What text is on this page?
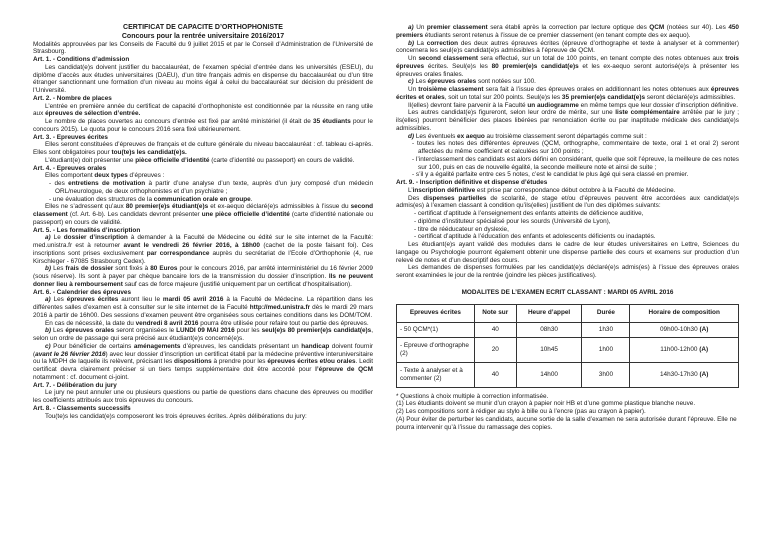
CERTIFICAT DE CAPACITE D’ORTHOPHONISTE

Concours pour la rentrée universitaire 2016/2017

Modalités approuvées par les Conseils de Faculté du 9 juillet 2015 et par le Conseil d’Administration de l’Université de Strasbourg.

Art. 1. - Conditions d’admission

Les candidat(e)s doivent justifier du baccalauréat, de l’examen spécial d’entrée dans les universités (ESEU), du diplôme d’accès aux études universitaires (DAEU), d’un titre français admis en dispense du baccalauréat ou d’un titre étranger sanctionnant une formation d’un niveau au moins égal à celui du baccalauréat sur décision du président de l’Université.

Art. 2. - Nombre de places

L’entrée en première année du certificat de capacité d’orthophoniste est conditionnée par la réussite en rang utile aux épreuves de sélection d’entrée.

Le nombre de places ouvertes au concours d’entrée est fixé par arrêté ministériel (il était de 35 étudiants pour le concours 2015). Le quota pour le concours 2016 sera fixé ultérieurement.

Art. 3. - Epreuves écrites

Elles seront constituées d’épreuves de français et de culture générale du niveau baccalauréat : cf. tableau ci-après. Elles sont obligatoires pour tou(te)s les candidat(e)s.

L’étudiant(e) doit présenter une pièce officielle d’identité (carte d’identité ou passeport) en cours de validité.

Art. 4. - Epreuves orales

Elles comportent deux types d’épreuves :

- des entretiens de motivation à partir d’une analyse d’un texte, auprès d’un jury composé d’un médecin ORL/neurologue, de deux orthophonistes et d’un psychiatre ;

- une évaluation des structures de la communication orale en groupe.

Elles ne s’adressent qu’aux 80 premier(e)s étudiant(e)s et ex-aequo déclaré(e)s admissibles à l’issue du second classement (cf. Art. 6-b). Les candidats devront présenter une pièce officielle d’identité (carte d’identité nationale ou passeport) en cours de validité.

Art. 5. - Les formalités d’inscription

a) Le dossier d’inscription à demander à la Faculté de Médecine ou édité sur le site internet de la Faculté: med.unistra.fr est à retourner avant le vendredi 26 février 2016, à 18h00 (cachet de la poste faisant foi). Ces inscriptions sont prises exclusivement par correspondance auprès du secrétariat de l’Ecole d’Orthophonie (4, rue Kirschleger - 67085 Strasbourg Cedex).

b) Les frais de dossier sont fixés à 80 Euros pour le concours 2016, par arrêté interministériel du 16 février 2009 (sous réserve). Ils sont à payer par chèque bancaire lors de la transmission du dossier d’inscription. Ils ne peuvent donner lieu à remboursement sauf cas de force majeure (justifié uniquement par un certificat d’hospitalisation).

Art. 6. - Calendrier des épreuves

a) Les épreuves écrites auront lieu le mardi 05 avril 2016 à la Faculté de Médecine. La répartition dans les différentes salles d’examen est à consulter sur le site internet de la Faculté http://med.unistra.fr dès le mardi 29 mars 2016 à partir de 16h00. Des sessions d’examen peuvent être organisées sous certaines conditions dans les DOM/TOM.

En cas de nécessité, la date du vendredi 8 avril 2016 pourra être utilisée pour refaire tout ou partie des épreuves.

b) Les épreuves orales seront organisées le LUNDI 09 MAI 2016 pour les seul(e)s 80 premier(e)s candidat(e)s, selon un ordre de passage qui sera précisé aux étudiant(e)s concerné(e)s.

c) Pour bénéficier de certains aménagements d’épreuves, les candidats présentant un handicap doivent fournir (avant le 26 février 2016) avec leur dossier d’inscription un certificat établi par la médecine préventive interuniversitaire ou la MDPH de laquelle ils relèvent, précisant les dispositions à prendre pour les épreuves écrites et/ou orales. Ledit certificat devra clairement préciser si un tiers temps supplémentaire doit être accordé pour l’épreuve de QCM notamment : cf. document ci-joint.

Art. 7. - Délibération du jury

Le jury ne peut annuler une ou plusieurs questions ou partie de questions dans chacune des épreuves ou modifier les coefficients attribués aux trois épreuves du concours.

Art. 8. - Classements successifs

Tou(te)s les candidat(e)s composeront les trois épreuves écrites. Après délibérations du jury:

a) Un premier classement sera établi après la correction par lecture optique des QCM (notées sur 40). Les 450 premiers étudiants seront retenus à l’issue de ce premier classement (en tenant compte des ex aequo).

b) La correction des deux autres épreuves écrites (épreuve d’orthographe et texte à analyser et à commenter) concernera les seul(e)s candidat(e)s admissibles à l’épreuve de QCM.

Un second classement sera effectué, sur un total de 100 points, en tenant compte des notes obtenues aux trois épreuves écrites. Seul(e)s les 80 premier(e)s candidat(e)s et les ex-aequo seront autorisé(e)s à présenter les épreuves orales finales.

c) Les épreuves orales sont notées sur 100.

Un troisième classement sera fait à l’issue des épreuves orales en additionnant les notes obtenues aux épreuves écrites et orales, soit un total sur 200 points. Seul(e)s les 35 premier(e)s candidat(e)s seront déclaré(e)s admissibles.

Il(elles) devront faire parvenir à la Faculté un audiogramme en même temps que leur dossier d’inscription définitive.

Les autres candidat(e)s figureront, selon leur ordre de mérite, sur une liste complémentaire arrêtée par le jury ; ils(elles) pourront bénéficier des places libérées par renonciation écrite ou par inaptitude médicale des candidat(e)s admissibles.

d) Les éventuels ex aequo au troisième classement seront départagés comme suit :

- toutes les notes des différentes épreuves (QCM, orthographe, commentaire de texte, oral 1 et oral 2) seront affectées du même coefficient et calculées sur 100 points ;

- l’interclassement des candidats est alors défini en considérant, quelle que soit l’épreuve, la meilleure de ces notes sur 100, puis en cas de nouvelle égalité, la seconde meilleure note et ainsi de suite ;

- s’il y a égalité parfaite entre ces 5 notes, c’est le candidat le plus âgé qui sera classé en premier.

Art. 9. - Inscription définitive et dispense d’études

L’inscription définitive est prise par correspondance début octobre à la Faculté de Médecine.

Des dispenses partielles de scolarité, de stage et/ou d’épreuves peuvent être accordées aux candidat(e)s admis(es) à l’examen classant à condition qu’ils(elles) justifient de l’un des diplômes suivants:

- certificat d’aptitude à l’enseignement des enfants atteints de déficience auditive,

- diplôme d’instituteur spécialisé pour les sourds (Université de Lyon),

- titre de rééducateur en dyslexie,

- certificat d’aptitude à l’éducation des enfants et adolescents déficients ou inadaptés.

Les étudiant(e)s ayant validé des modules dans le cadre de leur études universitaires en Lettre, Sciences du langage ou Psychologie pourront également obtenir une dispense partielle des cours et examens sur production d’un relevé de notes et d’un descriptif des cours.

Les demandes de dispenses formulées par les candidat(e)s déclaré(e)s admis(es) à l’issue des épreuves orales seront examinées le jour de la rentrée (joindre les pièces justificatives).

MODALITES DE L’EXAMEN ECRIT CLASSANT : MARDI 05 AVRIL 2016

Epreuves écrites	Note sur	Heure d’appel	Durée	Horaire de composition
- 50 QCM*(1)	40	08h30	1h30	09h00-10h30 (A)
- Epreuve d’orthographe (2)	20	10h45	1h00	11h00-12h00 (A)
- Texte à analyser et à commenter (2)	40	14h00	3h00	14h30-17h30 (A)

* Questions à choix multiple à correction informatisée.

(1) Les étudiants doivent se munir d’un crayon à papier noir HB et d’une gomme plastique blanche neuve.

(2) Les compositions sont à rédiger au stylo à bille ou à l’encre (pas au crayon à papier).

(A) Pour éviter de perturber les candidats, aucune sortie de la salle d’examen ne sera autorisée durant l’épreuve. Elle ne pourra intervenir qu’à l’issue du ramassage des copies.
